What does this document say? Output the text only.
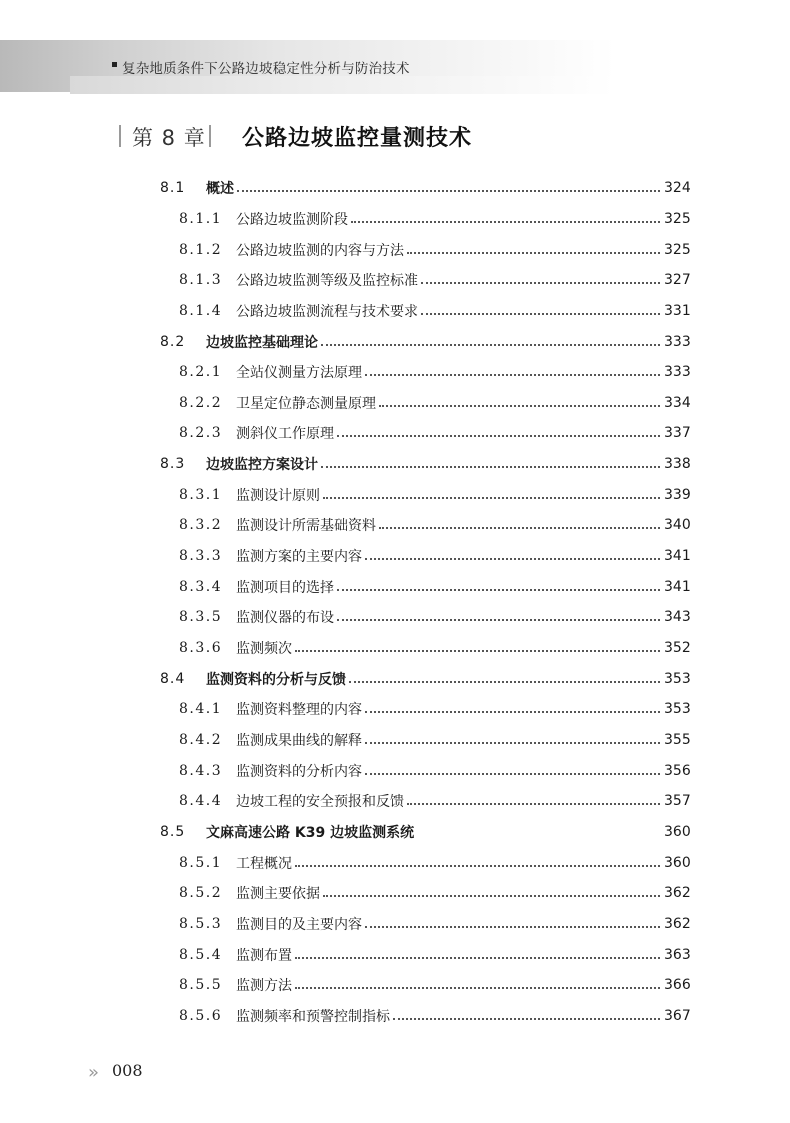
复杂地质条件下公路边坡稳定性分析与防治技术
第 8 章 公路边坡监控量测技术
8.1 概述	324
8.1.1 公路边坡监测阶段	325
8.1.2 公路边坡监测的内容与方法	325
8.1.3 公路边坡监测等级及监控标准	327
8.1.4 公路边坡监测流程与技术要求	331
8.2 边坡监控基础理论	333
8.2.1 全站仪测量方法原理	333
8.2.2 卫星定位静态测量原理	334
8.2.3 测斜仪工作原理	337
8.3 边坡监控方案设计	338
8.3.1 监测设计原则	339
8.3.2 监测设计所需基础资料	340
8.3.3 监测方案的主要内容	341
8.3.4 监测项目的选择	341
8.3.5 监测仪器的布设	343
8.3.6 监测频次	352
8.4 监测资料的分析与反馈	353
8.4.1 监测资料整理的内容	353
8.4.2 监测成果曲线的解释	355
8.4.3 监测资料的分析内容	356
8.4.4 边坡工程的安全预报和反馈	357
8.5 文麻高速公路 K39 边坡监测系统	360
8.5.1 工程概况	360
8.5.2 监测主要依据	362
8.5.3 监测目的及主要内容	362
8.5.4 监测布置	363
8.5.5 监测方法	366
8.5.6 监测频率和预警控制指标	367
» 008
